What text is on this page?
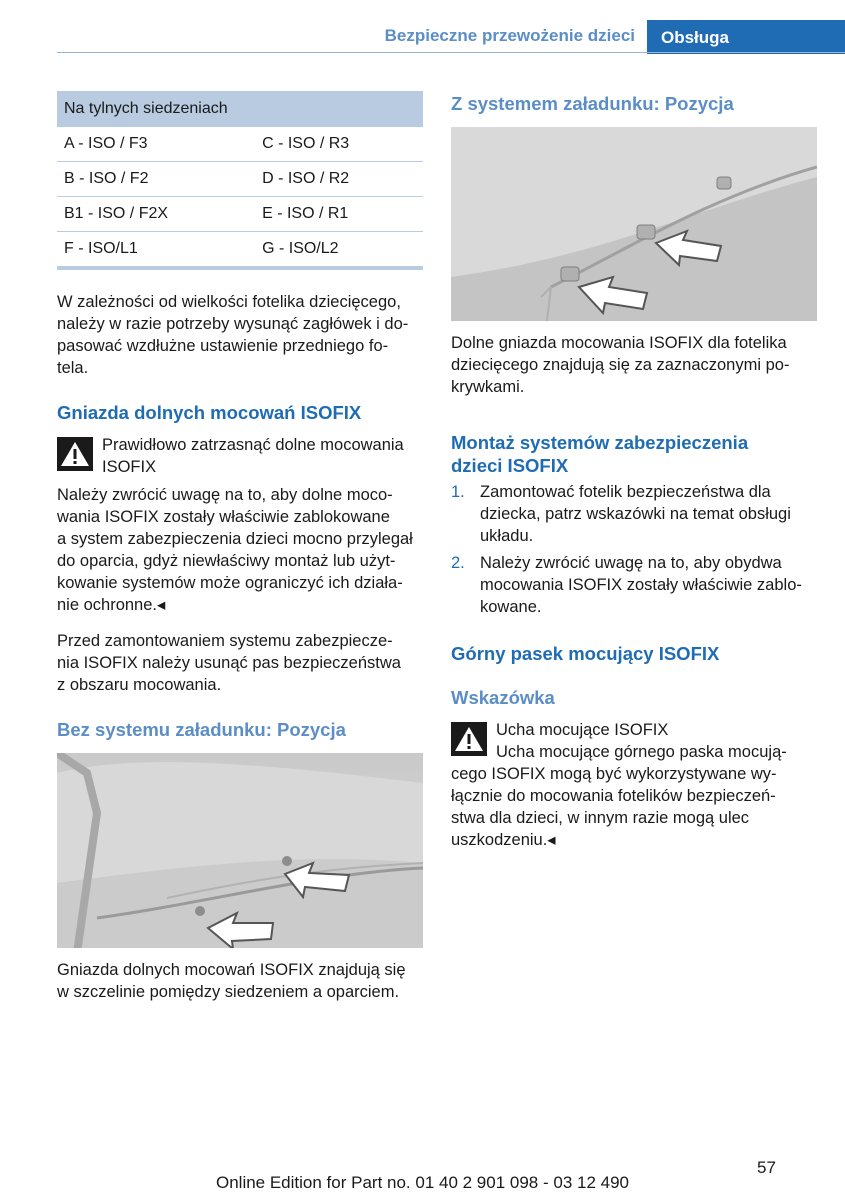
Bezpieczne przewożenie dzieci	Obsługa
Na tylnych siedzeniach	
A - ISO / F3	C - ISO / R3
B - ISO / F2	D - ISO / R2
B1 - ISO / F2X	E - ISO / R1
F - ISO/L1	G - ISO/L2
W zależności od wielkości fotelika dziecięcego,
należy w razie potrzeby wysunąć zagłówek i do-
pasować wzdłużne ustawienie przedniego fo-
tela.
Gniazda dolnych mocowań ISOFIX
Prawidłowo zatrzasnąć dolne mocowania
ISOFIX
Należy zwrócić uwagę na to, aby dolne moco-
wania ISOFIX zostały właściwie zablokowane
a system zabezpieczenia dzieci mocno przylegał
do oparcia, gdyż niewłaściwy montaż lub użyt-
kowanie systemów może ograniczyć ich działa-
nie ochronne.◂
Przed zamontowaniem systemu zabezpiecze-
nia ISOFIX należy usunąć pas bezpieczeństwa
z obszaru mocowania.
Bez systemu załadunku: Pozycja
Gniazda dolnych mocowań ISOFIX znajdują się
w szczelinie pomiędzy siedzeniem a oparciem.
Z systemem załadunku: Pozycja
Dolne gniazda mocowania ISOFIX dla fotelika
dziecięcego znajdują się za zaznaczonymi po-
krywkami.
Montaż systemów zabezpieczenia
dzieci ISOFIX
1. Zamontować fotelik bezpieczeństwa dla
dziecka, patrz wskazówki na temat obsługi
układu.
2. Należy zwrócić uwagę na to, aby obydwa
mocowania ISOFIX zostały właściwie zablo-
kowane.
Górny pasek mocujący ISOFIX
Wskazówka
Ucha mocujące ISOFIX
Ucha mocujące górnego paska mocują-
cego ISOFIX mogą być wykorzystywane wy-
łącznie do mocowania fotelików bezpieczeń-
stwa dla dzieci, w innym razie mogą ulec
uszkodzeniu.◂
57
Online Edition for Part no. 01 40 2 901 098 - 03 12 490
